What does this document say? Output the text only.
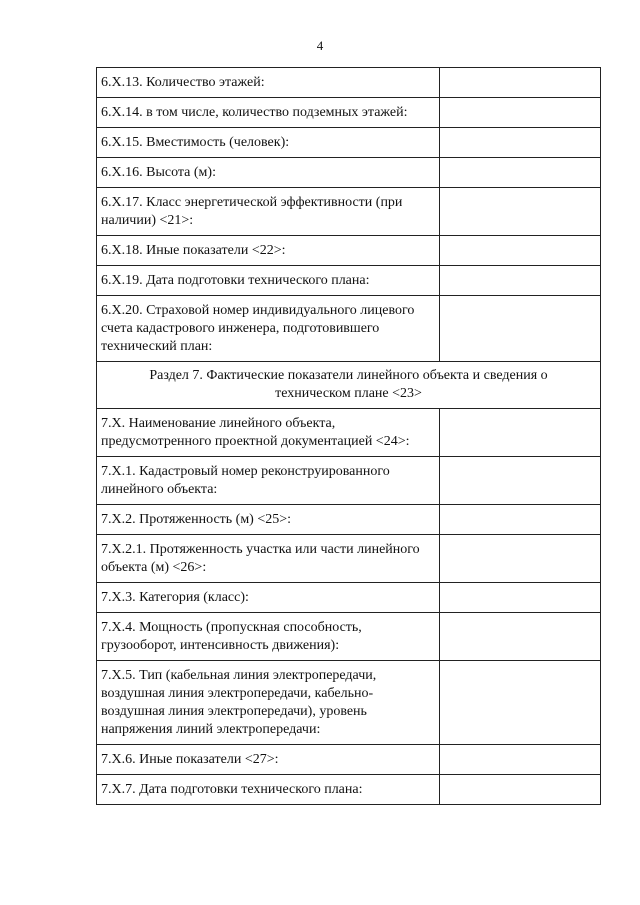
4
6.Х.13. Количество этажей:	
6.Х.14. в том числе, количество подземных этажей:	
6.Х.15. Вместимость (человек):	
6.Х.16. Высота (м):	
6.Х.17. Класс энергетической эффективности (при наличии) <21>:	
6.Х.18. Иные показатели <22>:	
6.Х.19. Дата подготовки технического плана:	
6.Х.20. Страховой номер индивидуального лицевого счета кадастрового инженера, подготовившего технический план:	
Раздел 7. Фактические показатели линейного объекта и сведения о техническом плане <23>	
7.Х. Наименование линейного объекта, предусмотренного проектной документацией <24>:	
7.Х.1. Кадастровый номер реконструированного линейного объекта:	
7.Х.2. Протяженность (м) <25>:	
7.Х.2.1. Протяженность участка или части линейного объекта (м) <26>:	
7.Х.3. Категория (класс):	
7.Х.4. Мощность (пропускная способность, грузооборот, интенсивность движения):	
7.Х.5. Тип (кабельная линия электропередачи, воздушная линия электропередачи, кабельно-воздушная линия электропередачи), уровень напряжения линий электропередачи:	
7.Х.6. Иные показатели <27>:	
7.Х.7. Дата подготовки технического плана:	
